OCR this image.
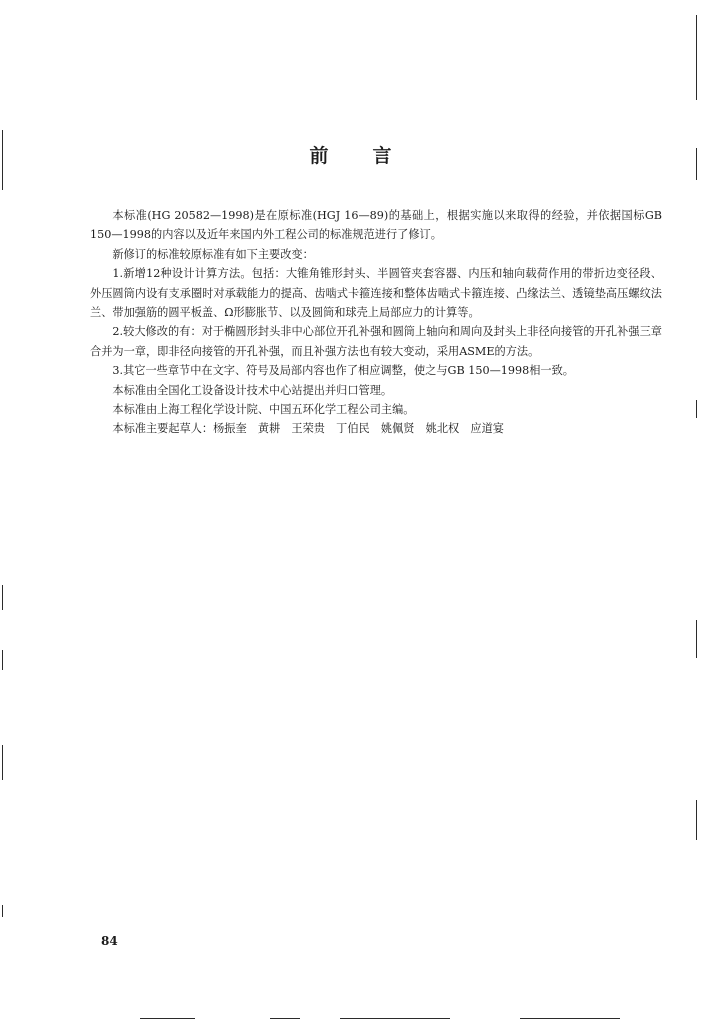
前 言

本标准(HG 20582—1998)是在原标准(HGJ 16—89)的基础上，根据实施以来取得的经验，并依据国标GB 150—1998的内容以及近年来国内外工程公司的标准规范进行了修订。

新修订的标准较原标准有如下主要改变：

1.新增12种设计计算方法。包括：大锥角锥形封头、半圆管夹套容器、内压和轴向载荷作用的带折边变径段、外压圆筒内设有支承圈时对承载能力的提高、齿啮式卡箍连接和整体齿啮式卡箍连接、凸缘法兰、透镜垫高压螺纹法兰、带加强筋的圆平板盖、Ω形膨胀节、以及圆筒和球壳上局部应力的计算等。

2.较大修改的有：对于椭圆形封头非中心部位开孔补强和圆筒上轴向和周向及封头上非径向接管的开孔补强三章合并为一章，即非径向接管的开孔补强，而且补强方法也有较大变动，采用ASME的方法。

3.其它一些章节中在文字、符号及局部内容也作了相应调整，使之与GB 150—1998相一致。

本标准由全国化工设备设计技术中心站提出并归口管理。

本标准由上海工程化学设计院、中国五环化学工程公司主编。

本标准主要起草人：杨振奎　黄耕　王荣贵　丁伯民　姚佩贤　姚北权　应道宴

84
